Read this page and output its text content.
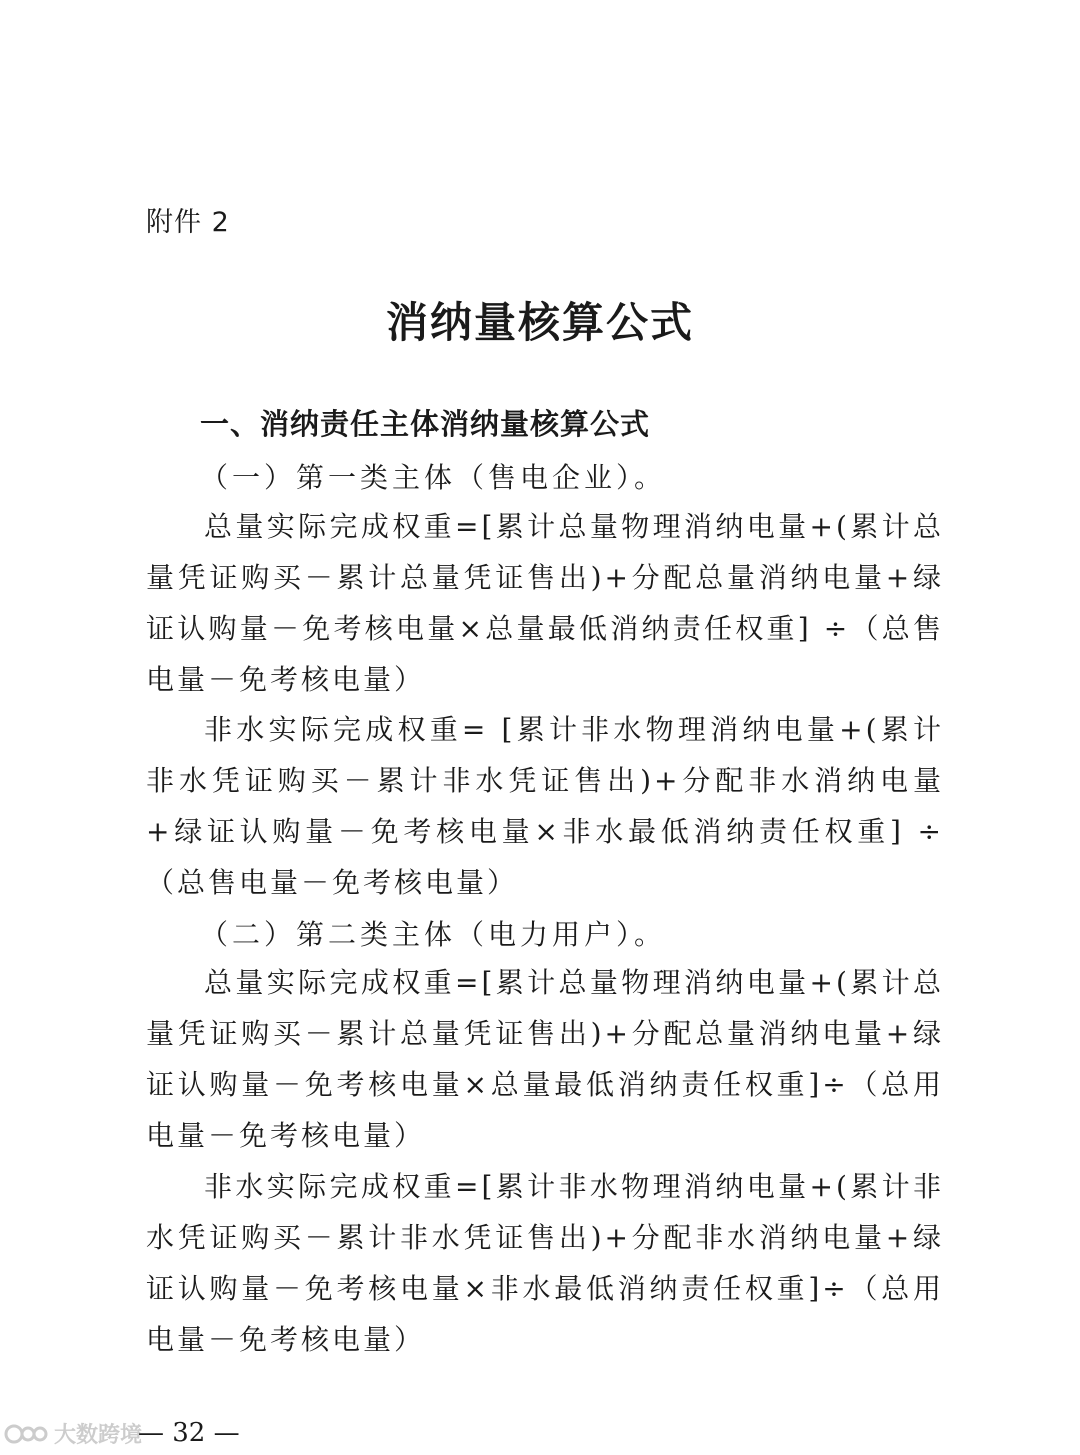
附件 2
消纳量核算公式
一、消纳责任主体消纳量核算公式
（一）第一类主体（售电企业）。
总量实际完成权重=[累计总量物理消纳电量+(累计总量凭证购买－累计总量凭证售出)+分配总量消纳电量+绿证认购量－免考核电量×总量最低消纳责任权重] ÷（总售电量－免考核电量）
非水实际完成权重= [累计非水物理消纳电量+(累计非水凭证购买－累计非水凭证售出)+分配非水消纳电量+绿证认购量－免考核电量×非水最低消纳责任权重] ÷（总售电量－免考核电量）
（二）第二类主体（电力用户）。
总量实际完成权重=[累计总量物理消纳电量+(累计总量凭证购买－累计总量凭证售出)+分配总量消纳电量+绿证认购量－免考核电量×总量最低消纳责任权重]÷（总用电量－免考核电量）
非水实际完成权重=[累计非水物理消纳电量+(累计非水凭证购买－累计非水凭证售出)+分配非水消纳电量+绿证认购量－免考核电量×非水最低消纳责任权重]÷（总用电量－免考核电量）
大数跨境
— 32 —
